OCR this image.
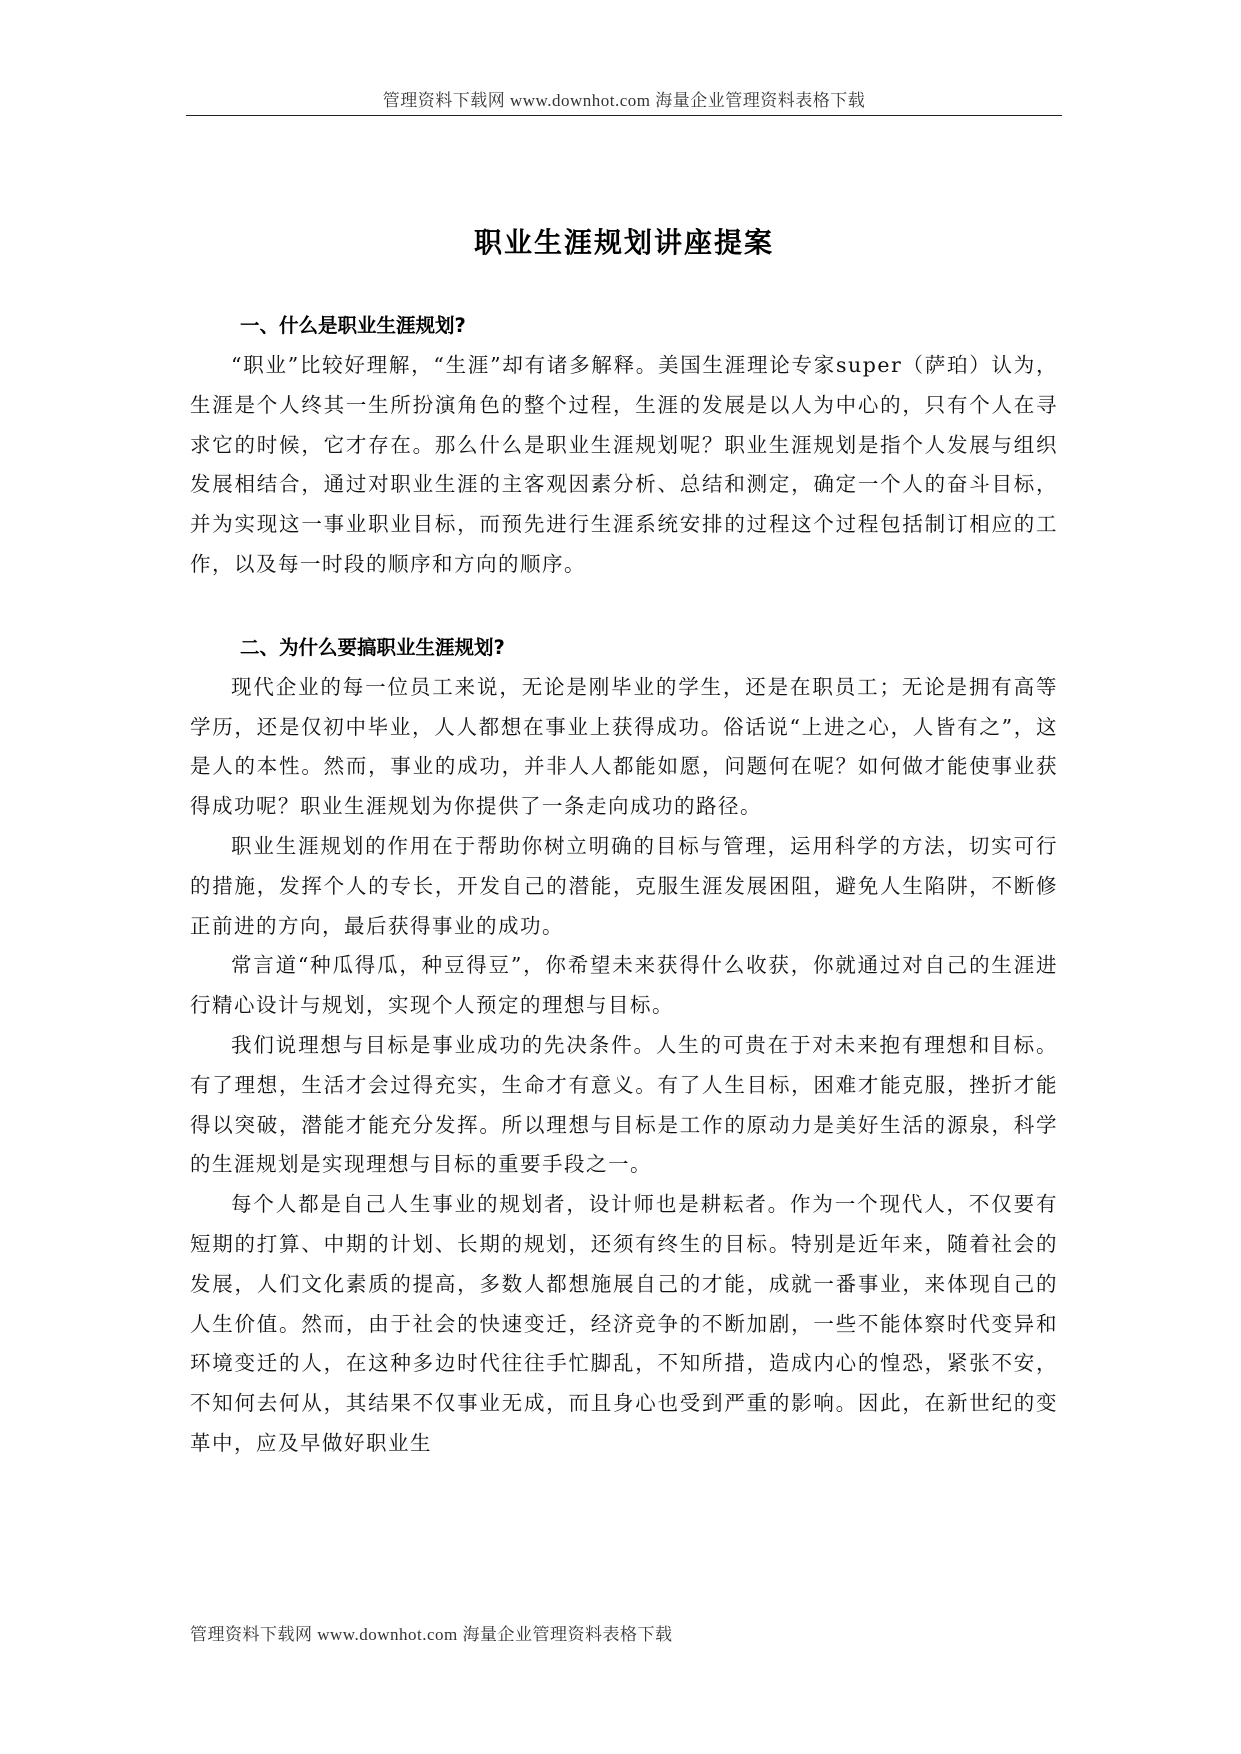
管理资料下载网 www.downhot.com 海量企业管理资料表格下载
职业生涯规划讲座提案
一、什么是职业生涯规划?

“职业”比较好理解，“生涯”却有诸多解释。美国生涯理论专家super（萨珀）认为，生涯是个人终其一生所扮演角色的整个过程，生涯的发展是以人为中心的，只有个人在寻求它的时候，它才存在。那么什么是职业生涯规划呢？职业生涯规划是指个人发展与组织发展相结合，通过对职业生涯的主客观因素分析、总结和测定，确定一个人的奋斗目标，并为实现这一事业职业目标，而预先进行生涯系统安排的过程这个过程包括制订相应的工作，以及每一时段的顺序和方向的顺序。

二、为什么要搞职业生涯规划?

现代企业的每一位员工来说，无论是刚毕业的学生，还是在职员工；无论是拥有高等学历，还是仅初中毕业，人人都想在事业上获得成功。俗话说“上进之心，人皆有之”，这是人的本性。然而，事业的成功，并非人人都能如愿，问题何在呢？如何做才能使事业获得成功呢？职业生涯规划为你提供了一条走向成功的路径。

职业生涯规划的作用在于帮助你树立明确的目标与管理，运用科学的方法，切实可行的措施，发挥个人的专长，开发自己的潜能，克服生涯发展困阻，避免人生陷阱，不断修正前进的方向，最后获得事业的成功。

常言道“种瓜得瓜，种豆得豆”，你希望未来获得什么收获，你就通过对自己的生涯进行精心设计与规划，实现个人预定的理想与目标。

我们说理想与目标是事业成功的先决条件。人生的可贵在于对未来抱有理想和目标。有了理想，生活才会过得充实，生命才有意义。有了人生目标，困难才能克服，挫折才能得以突破，潜能才能充分发挥。所以理想与目标是工作的原动力是美好生活的源泉，科学的生涯规划是实现理想与目标的重要手段之一。

每个人都是自己人生事业的规划者，设计师也是耕耘者。作为一个现代人，不仅要有短期的打算、中期的计划、长期的规划，还须有终生的目标。特别是近年来，随着社会的发展，人们文化素质的提高，多数人都想施展自己的才能，成就一番事业，来体现自己的人生价值。然而，由于社会的快速变迁，经济竞争的不断加剧，一些不能体察时代变异和环境变迁的人，在这种多边时代往往手忙脚乱，不知所措，造成内心的惶恐，紧张不安，不知何去何从，其结果不仅事业无成，而且身心也受到严重的影响。因此，在新世纪的变革中，应及早做好职业生

管理资料下载网 www.downhot.com 海量企业管理资料表格下载
